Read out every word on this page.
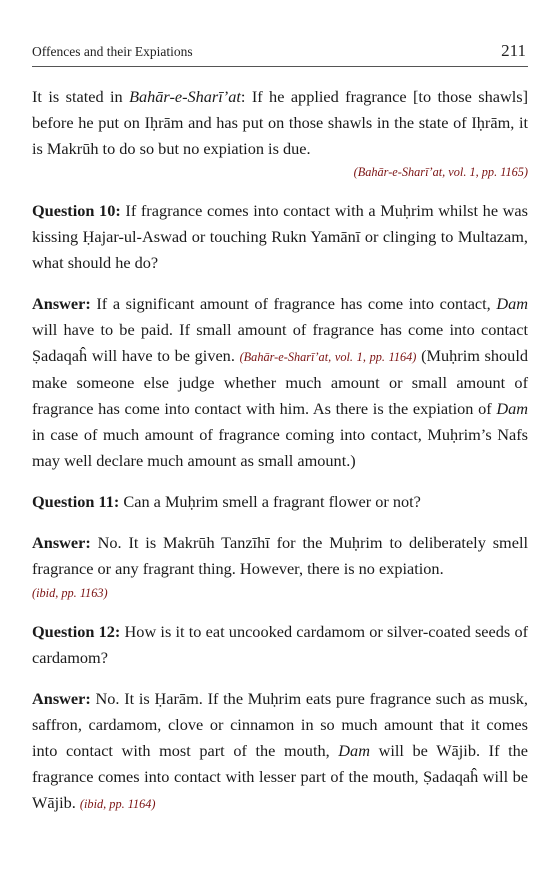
Offences and their Expiations	211

It is stated in Bahār-e-Sharī’at: If he applied fragrance [to those shawls] before he put on Iḥrām and has put on those shawls in the state of Iḥrām, it is Makrūh to do so but no expiation is due.

(Bahār-e-Sharī’at, vol. 1, pp. 1165)

Question 10: If fragrance comes into contact with a Muḥrim whilst he was kissing Ḥajar-ul-Aswad or touching Rukn Yamānī or clinging to Multazam, what should he do?

Answer: If a significant amount of fragrance has come into contact, Dam will have to be paid. If small amount of fragrance has come into contact Ṣadaqaĥ will have to be given. (Bahār-e-Sharī’at, vol. 1, pp. 1164) (Muḥrim should make someone else judge whether much amount or small amount of fragrance has come into contact with him. As there is the expiation of Dam in case of much amount of fragrance coming into contact, Muḥrim’s Nafs may well declare much amount as small amount.)

Question 11: Can a Muḥrim smell a fragrant flower or not?

Answer: No. It is Makrūh Tanzīhī for the Muḥrim to deliberately smell fragrance or any fragrant thing. However, there is no expiation.
(ibid, pp. 1163)

Question 12: How is it to eat uncooked cardamom or silver-coated seeds of cardamom?

Answer: No. It is Ḥarām. If the Muḥrim eats pure fragrance such as musk, saffron, cardamom, clove or cinnamon in so much amount that it comes into contact with most part of the mouth, Dam will be Wājib. If the fragrance comes into contact with lesser part of the mouth, Ṣadaqaĥ will be Wājib. (ibid, pp. 1164)
